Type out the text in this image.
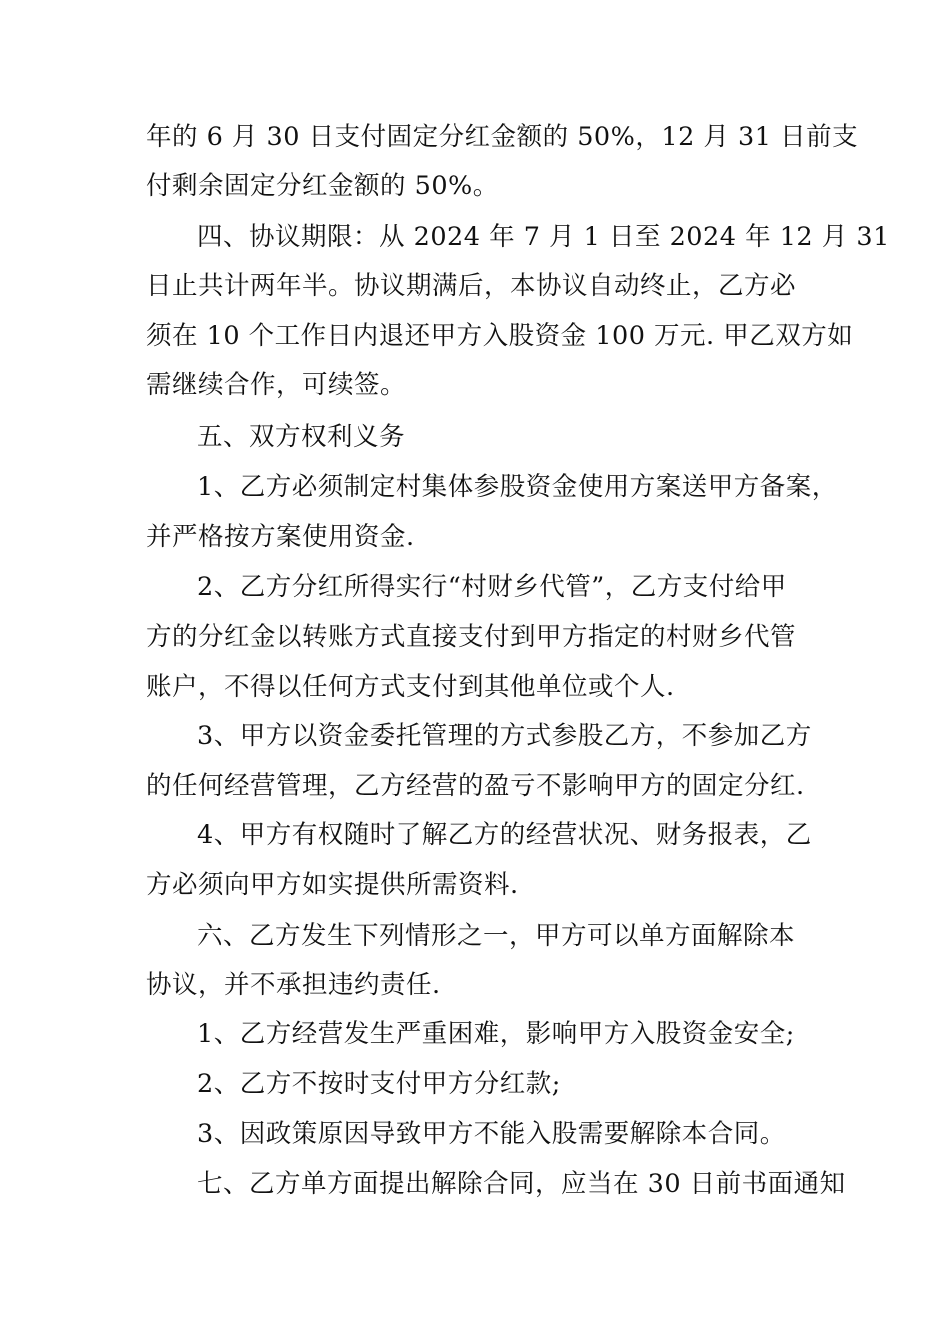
年的 6 月 30 日支付固定分红金额的 50%，12 月 31 日前支
付剩余固定分红金额的 50%。
四、协议期限：从 2024 年 7 月 1 日至 2024 年 12 月 31
日止共计两年半。协议期满后，本协议自动终止，乙方必
须在 10 个工作日内退还甲方入股资金 100 万元. 甲乙双方如
需继续合作，可续签。
五、双方权利义务
1、乙方必须制定村集体参股资金使用方案送甲方备案，
并严格按方案使用资金.
2、乙方分红所得实行“村财乡代管”，乙方支付给甲
方的分红金以转账方式直接支付到甲方指定的村财乡代管
账户，不得以任何方式支付到其他单位或个人.
3、甲方以资金委托管理的方式参股乙方，不参加乙方
的任何经营管理，乙方经营的盈亏不影响甲方的固定分红.
4、甲方有权随时了解乙方的经营状况、财务报表，乙
方必须向甲方如实提供所需资料.
六、乙方发生下列情形之一，甲方可以单方面解除本
协议，并不承担违约责任.
1、乙方经营发生严重困难，影响甲方入股资金安全;
2、乙方不按时支付甲方分红款;
3、因政策原因导致甲方不能入股需要解除本合同。
七、乙方单方面提出解除合同，应当在 30 日前书面通知
